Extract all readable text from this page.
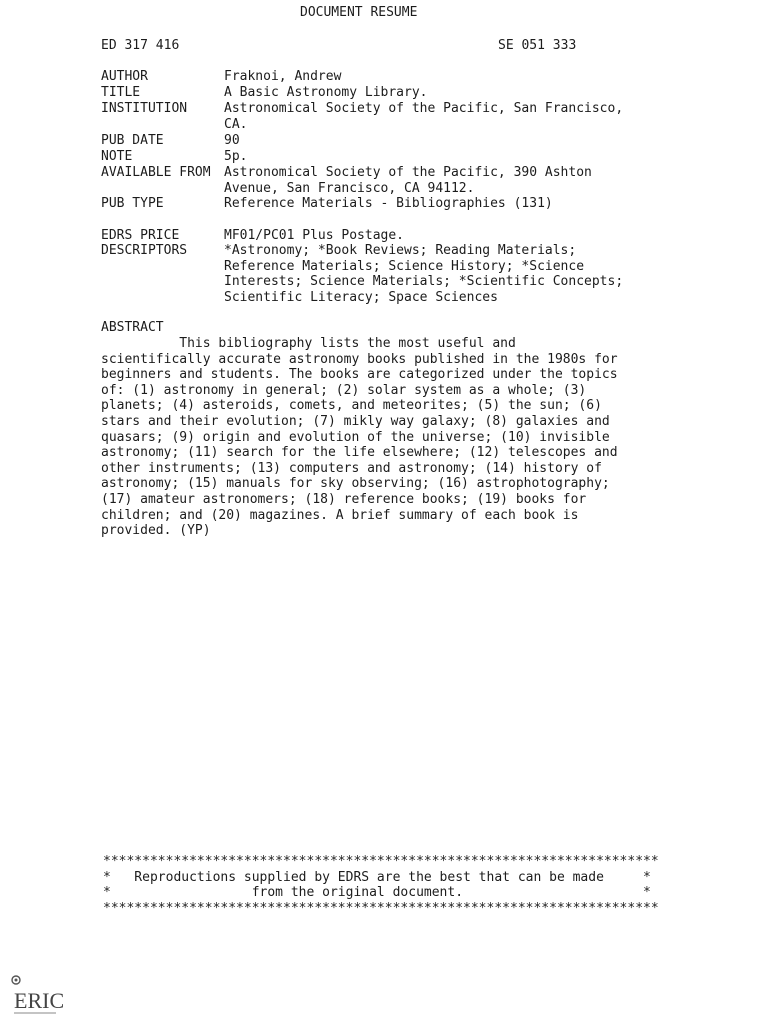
DOCUMENT RESUME
ED 317 416	SE 051 333
AUTHOR	Fraknoi, Andrew
TITLE	A Basic Astronomy Library.
INSTITUTION	Astronomical Society of the Pacific, San Francisco,
CA.
PUB DATE	90
NOTE	5p.
AVAILABLE FROM Astronomical Society of the Pacific, 390 Ashton
Avenue, San Francisco, CA 94112.
PUB TYPE	Reference Materials - Bibliographies (131)
EDRS PRICE	MF01/PC01 Plus Postage.
DESCRIPTORS	*Astronomy; *Book Reviews; Reading Materials;
Reference Materials; Science History; *Science
Interests; Science Materials; *Scientific Concepts;
Scientific Literacy; Space Sciences
ABSTRACT
This bibliography lists the most useful and
scientifically accurate astronomy books published in the 1980s for
beginners and students. The books are categorized under the topics
of: (1) astronomy in general; (2) solar system as a whole; (3)
planets; (4) asteroids, comets, and meteorites; (5) the sun; (6)
stars and their evolution; (7) mikly way galaxy; (8) galaxies and
quasars; (9) origin and evolution of the universe; (10) invisible
astronomy; (11) search for the life elsewhere; (12) telescopes and
other instruments; (13) computers and astronomy; (14) history of
astronomy; (15) manuals for sky observing; (16) astrophotography;
(17) amateur astronomers; (18) reference books; (19) books for
children; and (20) magazines. A brief summary of each book is
provided. (YP)
***********************************************************************
*   Reproductions supplied by EDRS are the best that can be made     *
*                  from the original document.                       *
***********************************************************************
ERIC
